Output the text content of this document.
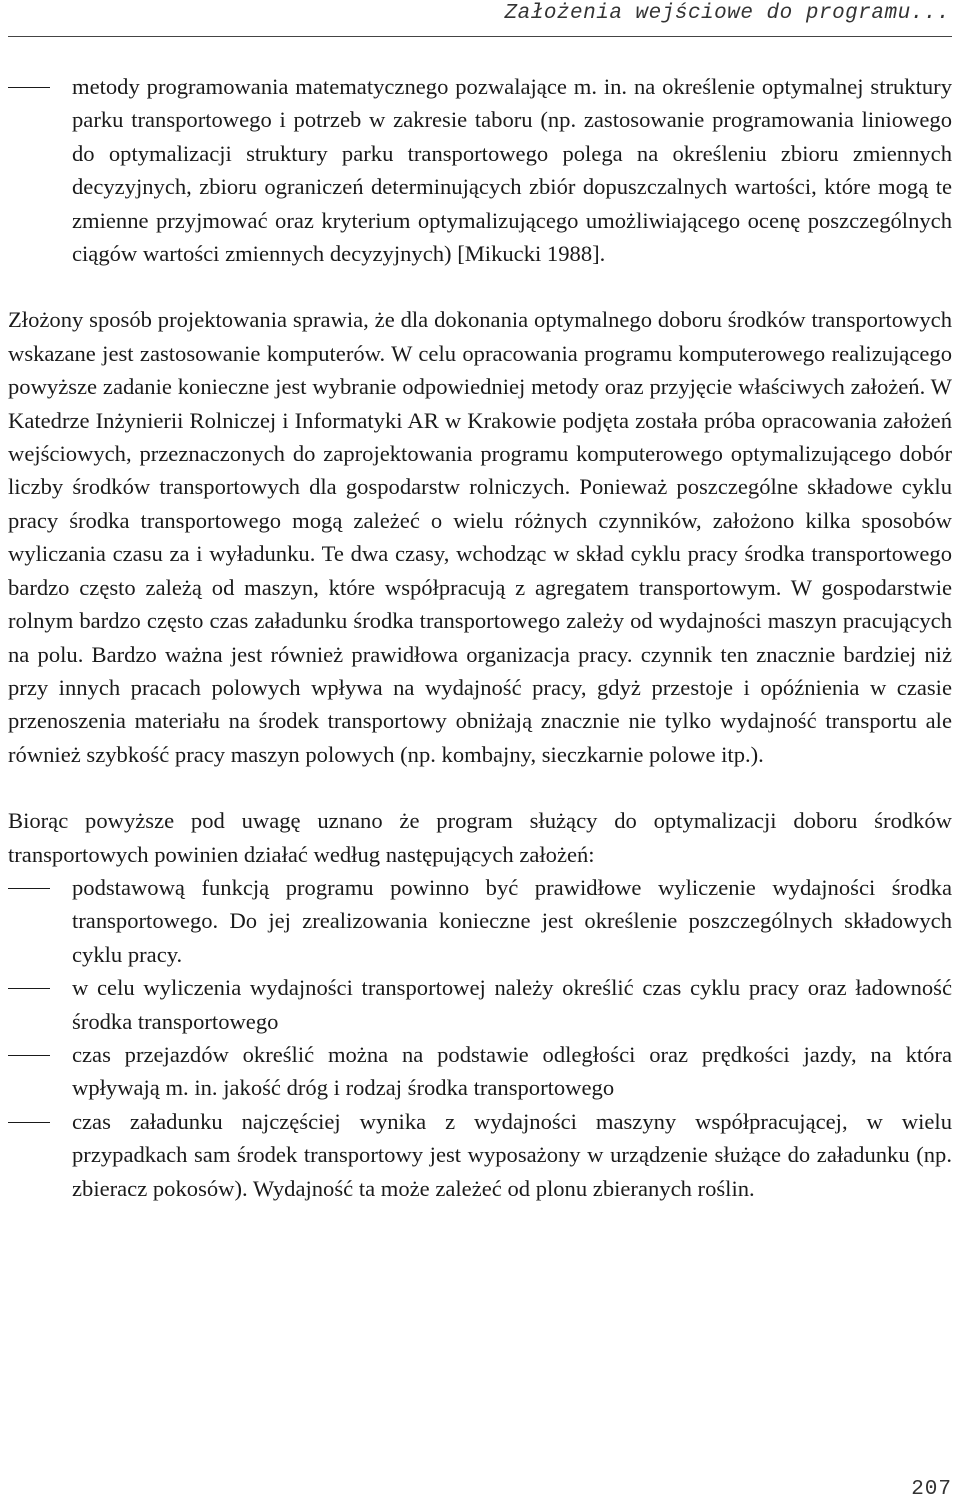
Założenia wejściowe do programu...
metody programowania matematycznego pozwalające m. in. na określenie optymalnej struktury parku transportowego i potrzeb w zakresie taboru (np. zastosowanie programowania liniowego do optymalizacji struktury parku transportowego polega na określeniu zbioru zmiennych decyzyjnych, zbioru ograniczeń determinujących zbiór dopuszczalnych wartości, które mogą te zmienne przyjmować oraz kryterium optymalizującego umożliwiającego ocenę poszczególnych ciągów wartości zmiennych decyzyjnych) [Mikucki 1988].

Złożony sposób projektowania sprawia, że dla dokonania optymalnego doboru środków transportowych wskazane jest zastosowanie komputerów. W celu opracowania programu komputerowego realizującego powyższe zadanie konieczne jest wybranie odpowiedniej metody oraz przyjęcie właściwych założeń. W Katedrze Inżynierii Rolniczej i Informatyki AR w Krakowie podjęta została próba opracowania założeń wejściowych, przeznaczonych do zaprojektowania programu komputerowego optymalizującego dobór liczby środków transportowych dla gospodarstw rolniczych. Ponieważ poszczególne składowe cyklu pracy środka transportowego mogą zależeć o wielu różnych czynników, założono kilka sposobów wyliczania czasu za i wyładunku. Te dwa czasy, wchodząc w skład cyklu pracy środka transportowego bardzo często zależą od maszyn, które współpracują z agregatem transportowym. W gospodarstwie rolnym bardzo często czas załadunku środka transportowego zależy od wydajności maszyn pracujących na polu. Bardzo ważna jest również prawidłowa organizacja pracy. czynnik ten znacznie bardziej niż przy innych pracach polowych wpływa na wydajność pracy, gdyż przestoje i opóźnienia w czasie przenoszenia materiału na środek transportowy obniżają znacznie nie tylko wydajność transportu ale również szybkość pracy maszyn polowych (np. kombajny, sieczkarnie polowe itp.).

Biorąc powyższe pod uwagę uznano że program służący do optymalizacji doboru środków transportowych powinien działać według następujących założeń:

podstawową funkcją programu powinno być prawidłowe wyliczenie wydajności środka transportowego. Do jej zrealizowania konieczne jest określenie poszczególnych składowych cyklu pracy.
w celu wyliczenia wydajności transportowej należy określić czas cyklu pracy oraz ładowność środka transportowego
czas przejazdów określić można na podstawie odległości oraz prędkości jazdy, na która wpływają m. in. jakość dróg i rodzaj środka transportowego
czas załadunku najczęściej wynika z wydajności maszyny współpracującej, w wielu przypadkach sam środek transportowy jest wyposażony w urządzenie służące do załadunku (np. zbieracz pokosów). Wydajność ta może zależeć od plonu zbieranych roślin.
207
